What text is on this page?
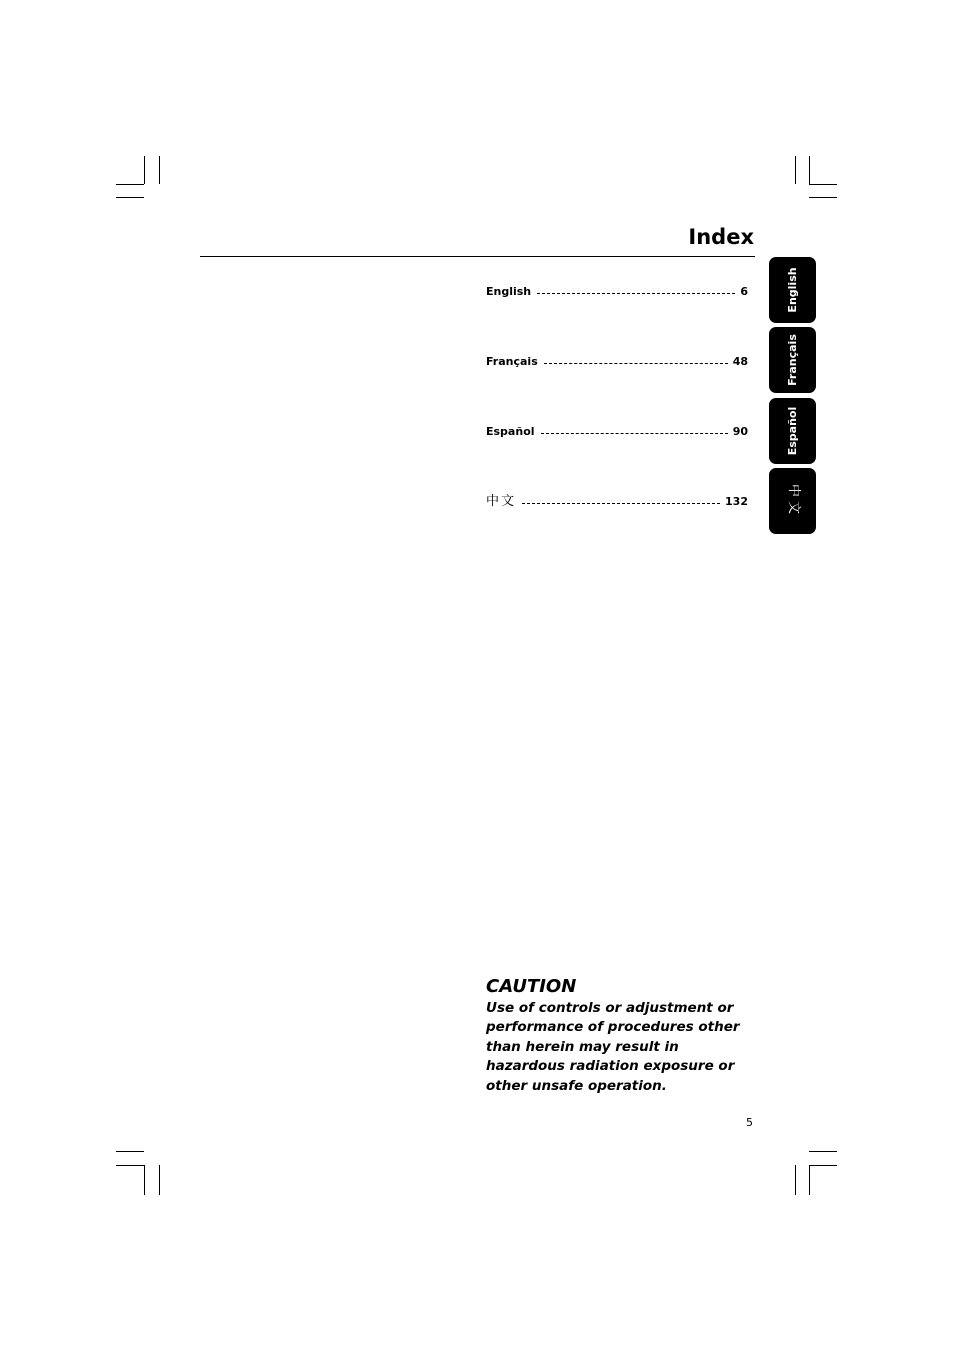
Index
English	6
Français	48
Español	90
中文	132
English
Français
Español
中文
CAUTION

Use of controls or adjustment or performance of procedures other than herein may result in hazardous radiation exposure or other unsafe operation.

5
